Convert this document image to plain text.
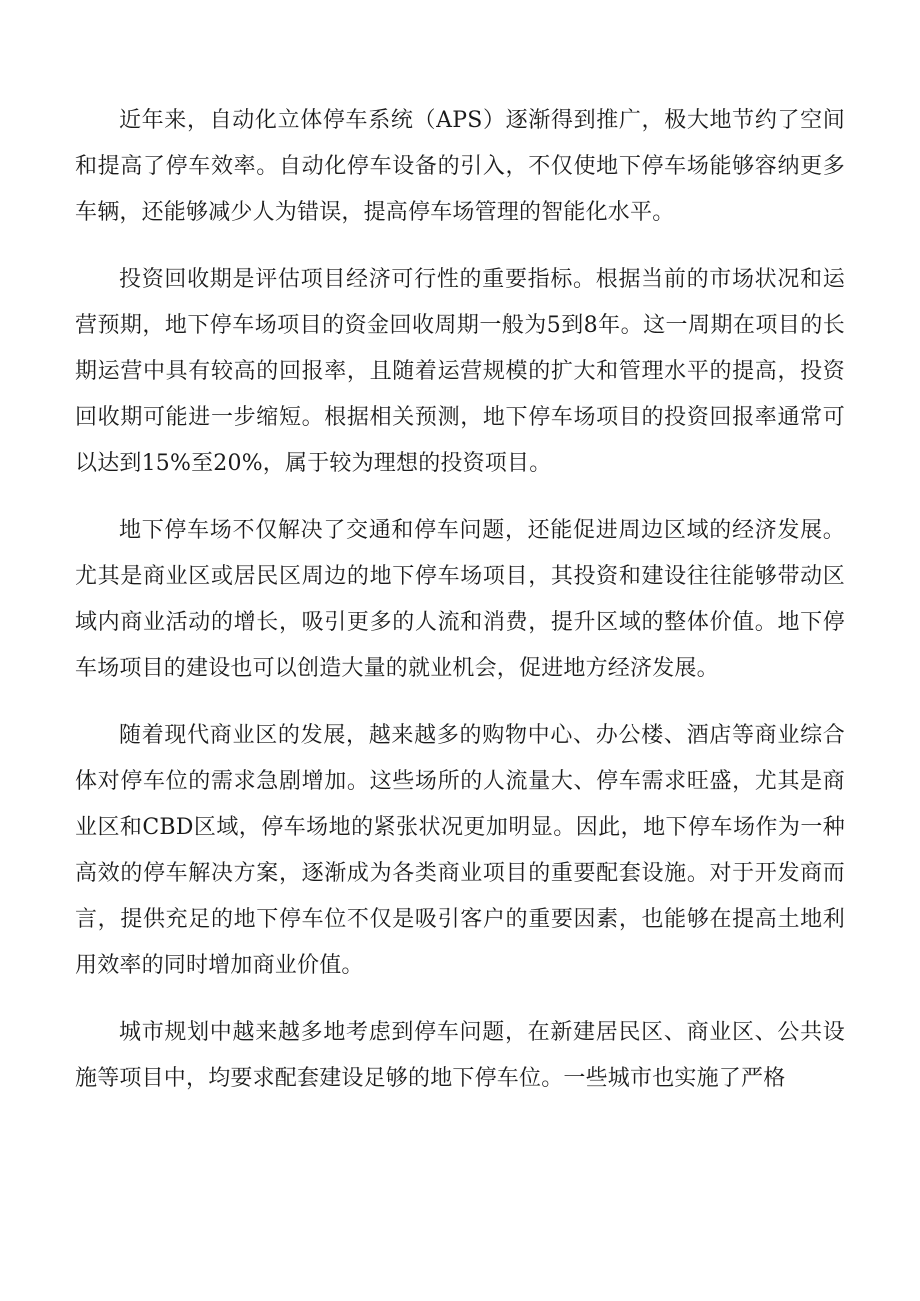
近年来，自动化立体停车系统（APS）逐渐得到推广，极大地节约了空间和提高了停车效率。自动化停车设备的引入，不仅使地下停车场能够容纳更多车辆，还能够减少人为错误，提高停车场管理的智能化水平。

投资回收期是评估项目经济可行性的重要指标。根据当前的市场状况和运营预期，地下停车场项目的资金回收周期一般为5到8年。这一周期在项目的长期运营中具有较高的回报率，且随着运营规模的扩大和管理水平的提高，投资回收期可能进一步缩短。根据相关预测，地下停车场项目的投资回报率通常可以达到15%至20%，属于较为理想的投资项目。

地下停车场不仅解决了交通和停车问题，还能促进周边区域的经济发展。尤其是商业区或居民区周边的地下停车场项目，其投资和建设往往能够带动区域内商业活动的增长，吸引更多的人流和消费，提升区域的整体价值。地下停车场项目的建设也可以创造大量的就业机会，促进地方经济发展。

随着现代商业区的发展，越来越多的购物中心、办公楼、酒店等商业综合体对停车位的需求急剧增加。这些场所的人流量大、停车需求旺盛，尤其是商业区和CBD区域，停车场地的紧张状况更加明显。因此，地下停车场作为一种高效的停车解决方案，逐渐成为各类商业项目的重要配套设施。对于开发商而言，提供充足的地下停车位不仅是吸引客户的重要因素，也能够在提高土地利用效率的同时增加商业价值。

城市规划中越来越多地考虑到停车问题，在新建居民区、商业区、公共设施等项目中，均要求配套建设足够的地下停车位。一些城市也实施了严格
